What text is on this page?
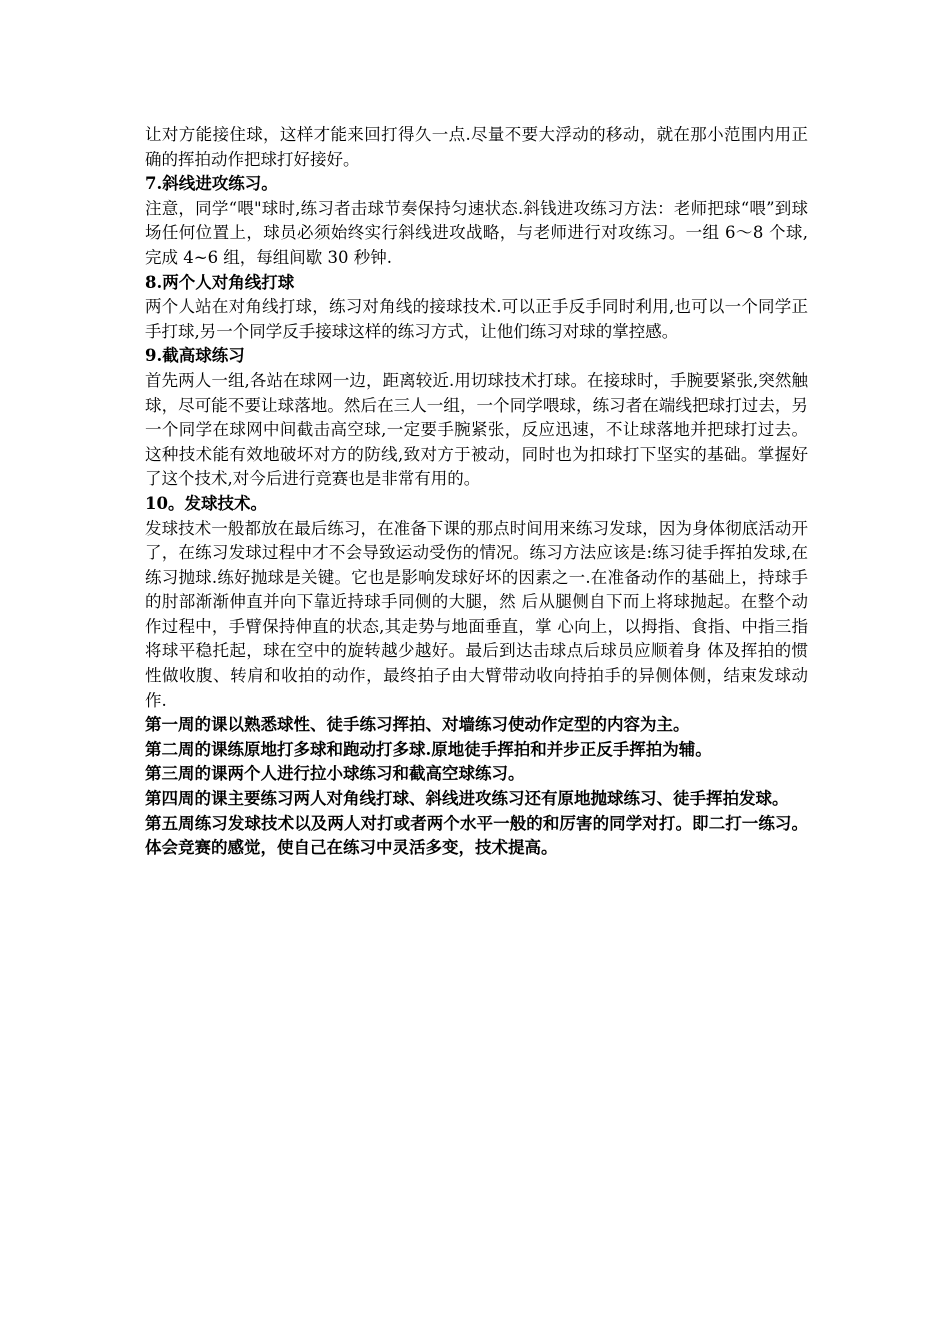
让对方能接住球，这样才能来回打得久一点.尽量不要大浮动的移动，就在那小范围内用正确的挥拍动作把球打好接好。

7.斜线进攻练习。

注意，同学“喂"球时,练习者击球节奏保持匀速状态.斜钱进攻练习方法：老师把球“喂”到球场任何位置上，球员必须始终实行斜线进攻战略，与老师进行对攻练习。一组 6～8 个球,完成 4~6 组，每组间歇 30 秒钟.

8.两个人对角线打球

两个人站在对角线打球，练习对角线的接球技术.可以正手反手同时利用,也可以一个同学正手打球,另一个同学反手接球这样的练习方式，让他们练习对球的掌控感。

9.截高球练习

首先两人一组,各站在球网一边，距离较近.用切球技术打球。在接球时，手腕要紧张,突然触球，尽可能不要让球落地。然后在三人一组，一个同学喂球，练习者在端线把球打过去，另一个同学在球网中间截击高空球,一定要手腕紧张，反应迅速，不让球落地并把球打过去。这种技术能有效地破坏对方的防线,致对方于被动，同时也为扣球打下坚实的基础。掌握好了这个技术,对今后进行竞赛也是非常有用的。

10。发球技术。

发球技术一般都放在最后练习，在准备下课的那点时间用来练习发球，因为身体彻底活动开了，在练习发球过程中才不会导致运动受伤的情况。练习方法应该是:练习徒手挥拍发球,在练习抛球.练好抛球是关键。它也是影响发球好坏的因素之一.在准备动作的基础上，持球手的肘部渐渐伸直并向下靠近持球手同侧的大腿，然 后从腿侧自下而上将球抛起。在整个动作过程中，手臂保持伸直的状态,其走势与地面垂直，掌 心向上，以拇指、食指、中指三指将球平稳托起，球在空中的旋转越少越好。最后到达击球点后球员应顺着身 体及挥拍的惯性做收腹、转肩和收拍的动作，最终拍子由大臂带动收向持拍手的异侧体侧，结束发球动作.

第一周的课以熟悉球性、徒手练习挥拍、对墙练习使动作定型的内容为主。

第二周的课练原地打多球和跑动打多球.原地徒手挥拍和并步正反手挥拍为辅。

第三周的课两个人进行拉小球练习和截高空球练习。

第四周的课主要练习两人对角线打球、斜线进攻练习还有原地抛球练习、徒手挥拍发球。

第五周练习发球技术以及两人对打或者两个水平一般的和厉害的同学对打。即二打一练习。体会竞赛的感觉，使自己在练习中灵活多变，技术提高。
